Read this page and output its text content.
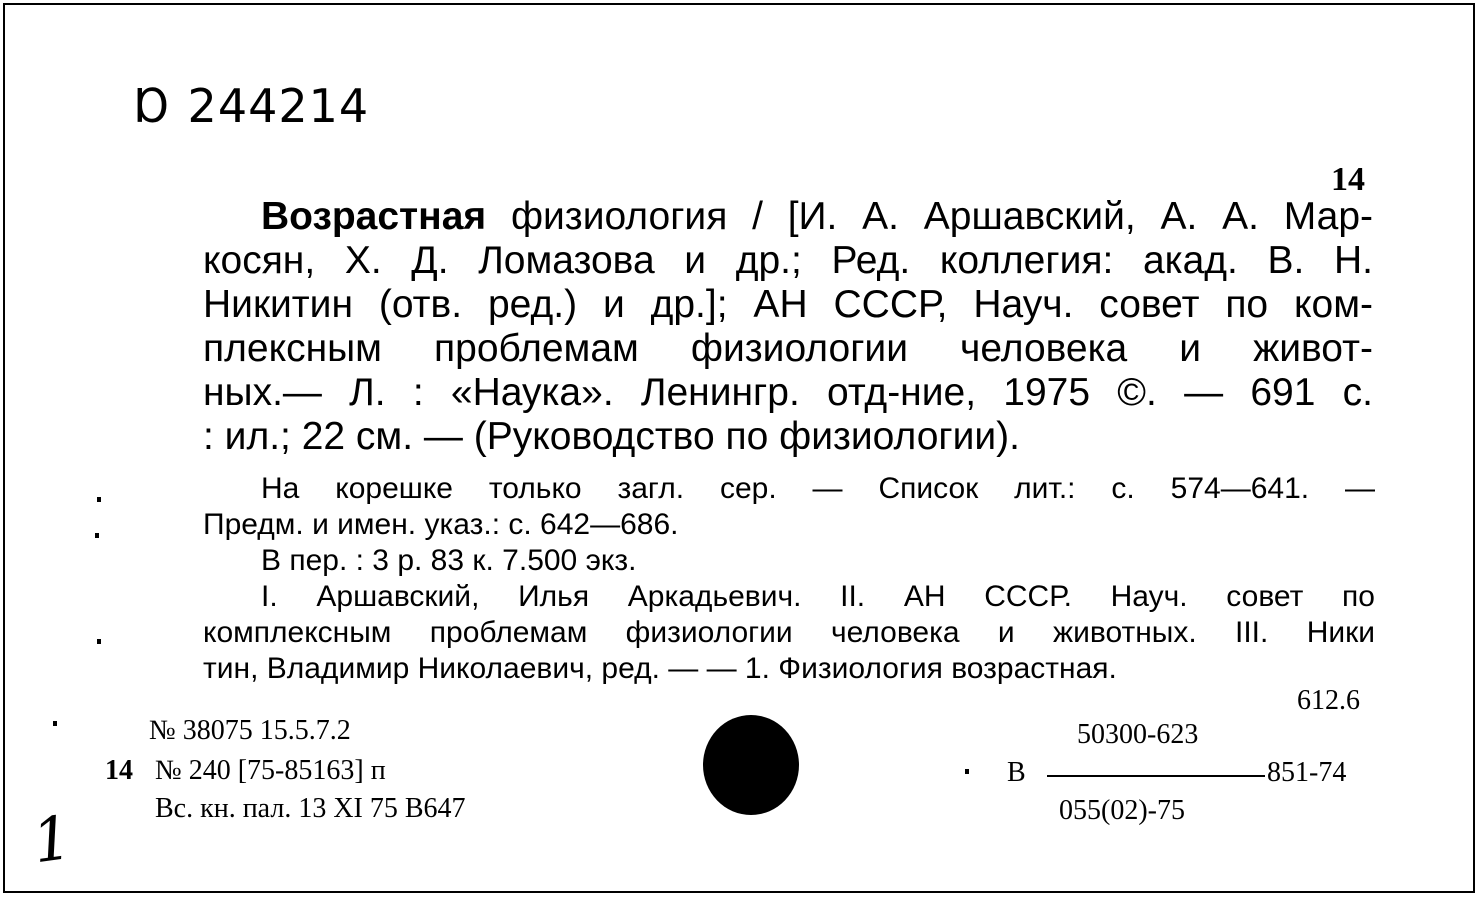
Ɒ 244214
14
Возрастная физиология / [И. А. Аршавский, А. А. Мар-
косян, Х. Д. Ломазова и др.; Ред. коллегия: акад. В. Н.
Никитин (отв. ред.) и др.]; АН СССР, Науч. совет по ком-
плексным проблемам физиологии человека и живот-
ных.— Л. : «Наука». Ленингр. отд-ние, 1975 ©. — 691 с.
: ил.; 22 см. — (Руководство по физиологии).
На корешке только загл. сер. — Список лит.: с. 574—641. —
Предм. и имен. указ.: с. 642—686.
В пер. : 3 р. 83 к. 7.500 экз.
I. Аршавский, Илья Аркадьевич. II. АН СССР. Науч. совет по
комплексным проблемам физиологии человека и животных. III. Ники
тин, Владимир Николаевич, ред. — — 1. Физиология возрастная.
612.6
№ 38075 15.5.7.2
14 № 240 [75-85163] п
Вс. кн. пал. 13 XI 75 В647
50300-623
В	851-74
055(02)-75
1
